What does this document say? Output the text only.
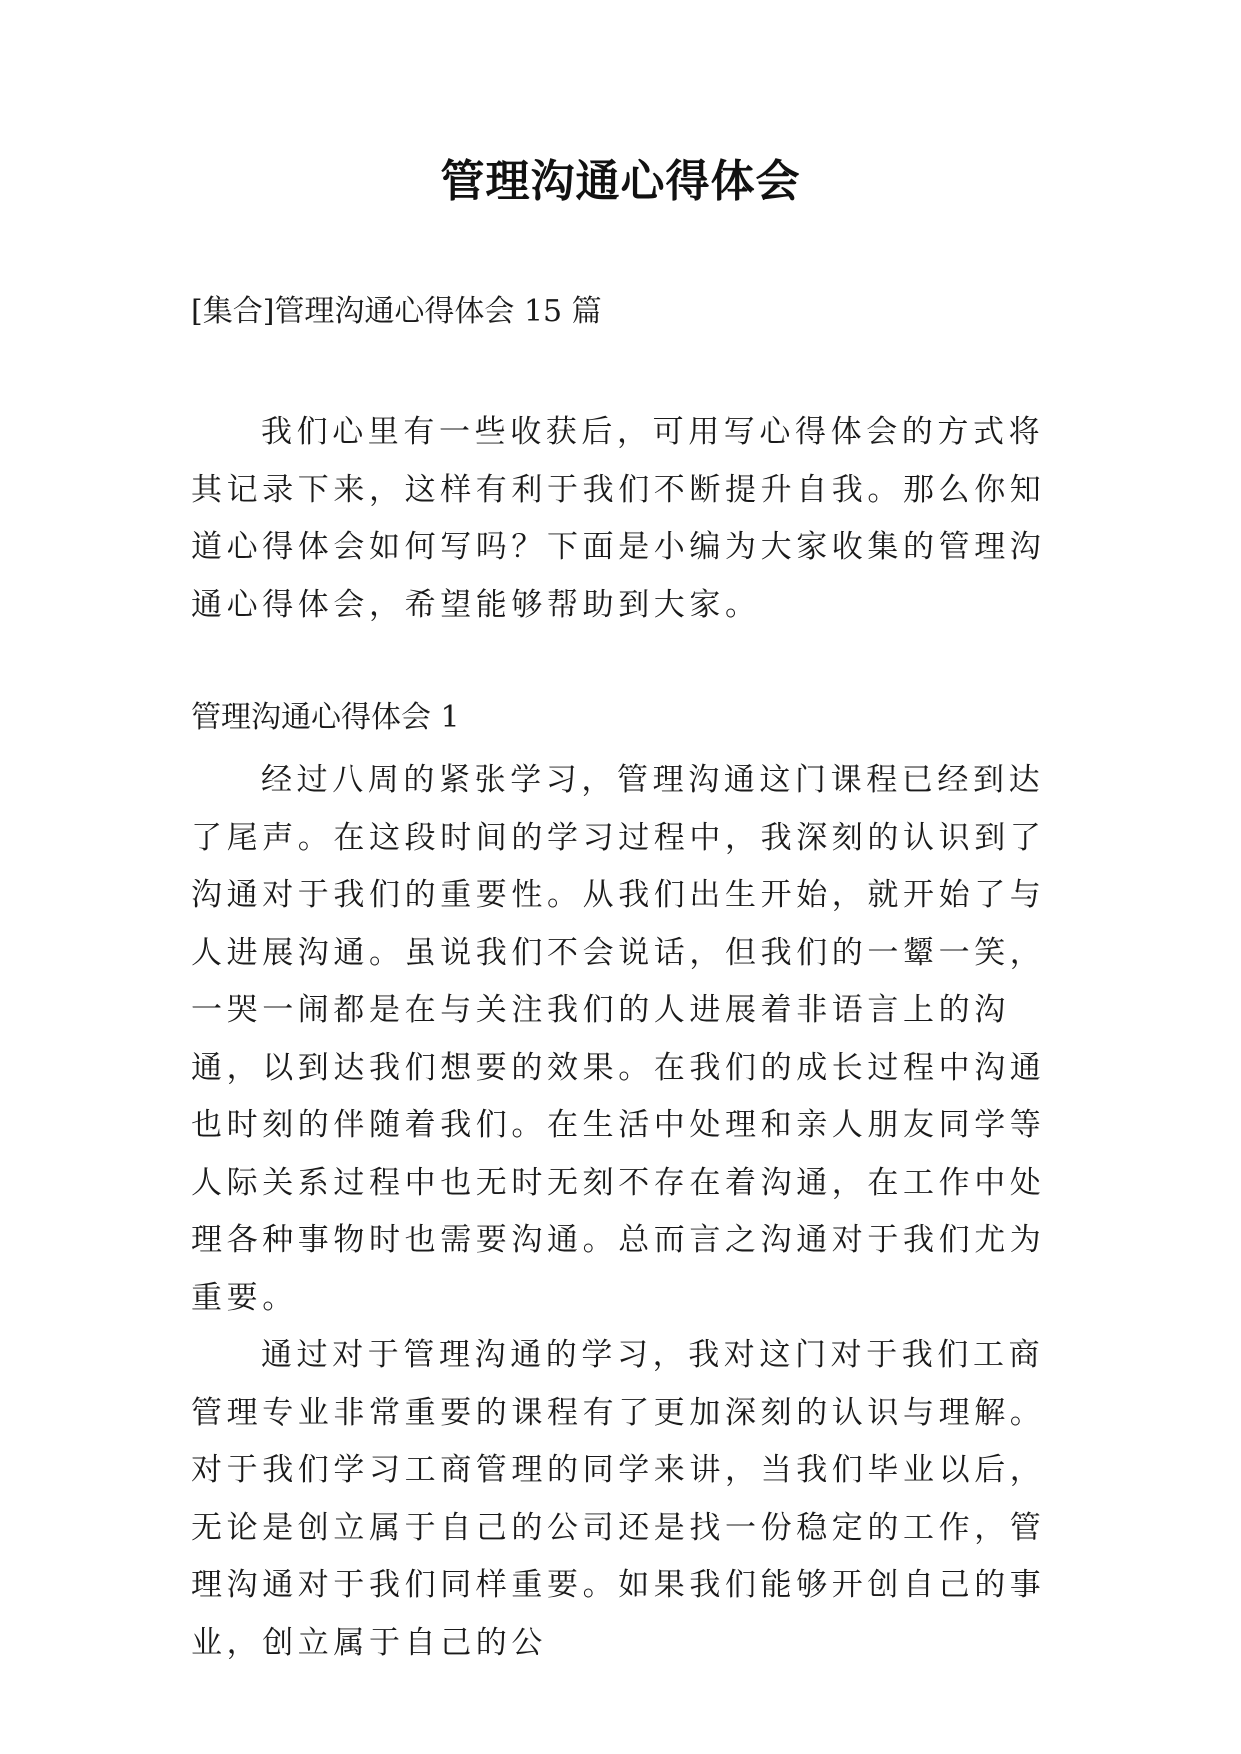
管理沟通心得体会
[集合]管理沟通心得体会 15 篇

我们心里有一些收获后，可用写心得体会的方式将其记录下来，这样有利于我们不断提升自我。那么你知道心得体会如何写吗？下面是小编为大家收集的管理沟通心得体会，希望能够帮助到大家。

管理沟通心得体会 1

经过八周的紧张学习，管理沟通这门课程已经到达了尾声。在这段时间的学习过程中，我深刻的认识到了沟通对于我们的重要性。从我们出生开始，就开始了与人进展沟通。虽说我们不会说话，但我们的一颦一笑，一哭一闹都是在与关注我们的人进展着非语言上的沟通，以到达我们想要的效果。在我们的成长过程中沟通也时刻的伴随着我们。在生活中处理和亲人朋友同学等人际关系过程中也无时无刻不存在着沟通，在工作中处理各种事物时也需要沟通。总而言之沟通对于我们尤为重要。

通过对于管理沟通的学习，我对这门对于我们工商管理专业非常重要的课程有了更加深刻的认识与理解。对于我们学习工商管理的同学来讲，当我们毕业以后，无论是创立属于自己的公司还是找一份稳定的工作，管理沟通对于我们同样重要。如果我们能够开创自己的事业，创立属于自己的公
